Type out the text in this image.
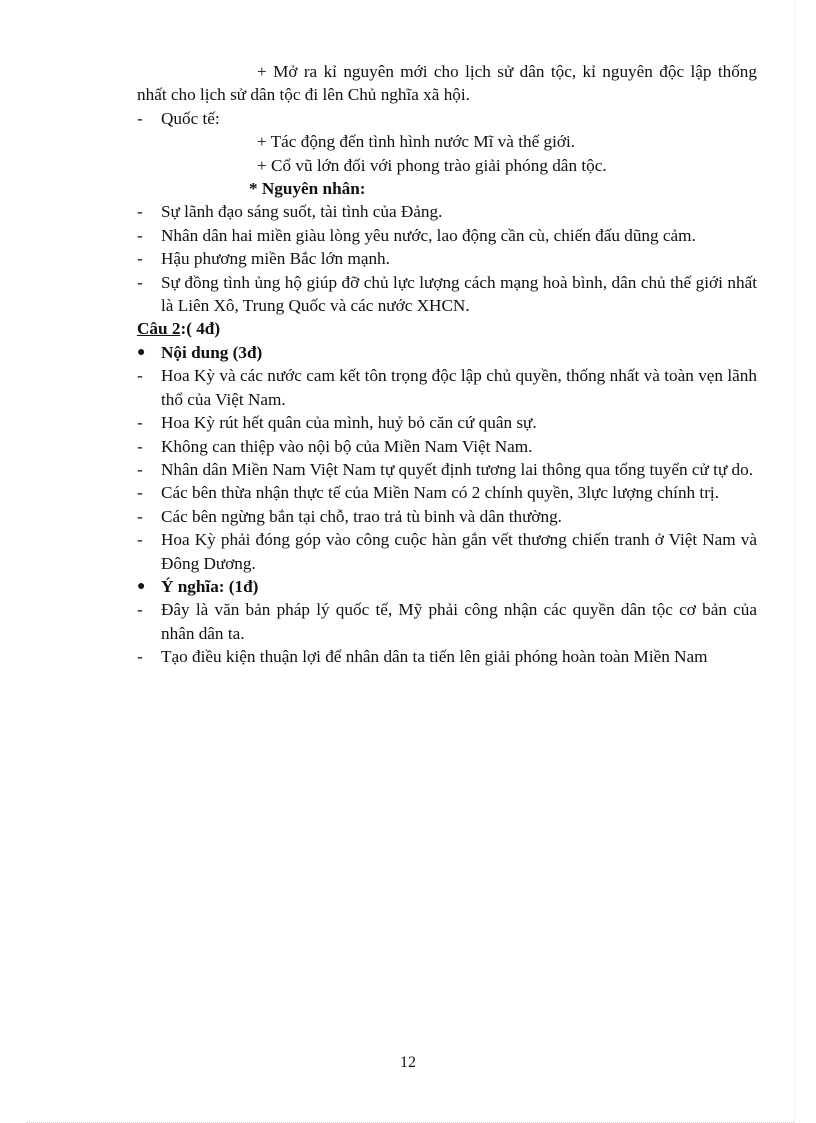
+ Mở ra kỉ nguyên mới cho lịch sử dân tộc, kỉ nguyên độc lập thống nhất cho lịch sử dân tộc đi lên Chủ nghĩa xã hội.

-	Quốc tế:

+ Tác động đến tình hình nước Mĩ và thế giới.

+ Cổ vũ lớn đối với phong trào giải phóng dân tộc.

* Nguyên nhân:

-	Sự lãnh đạo sáng suốt, tài tình của Đảng.
-	Nhân dân hai miền giàu lòng yêu nước, lao động cần cù, chiến đấu dũng cảm.
-	Hậu phương miền Bắc lớn mạnh.
-	Sự đồng tình ủng hộ giúp đỡ chủ lực lượng cách mạng hoà bình, dân chủ thế giới nhất là Liên Xô, Trung Quốc và các nước XHCN.

Câu 2:( 4đ)

● Nội dung (3đ)
-	Hoa Kỳ và các nước cam kết tôn trọng độc lập chủ quyền, thống nhất và toàn vẹn lãnh thổ của Việt Nam.
-	Hoa Kỳ rút hết quân của mình, huỷ bỏ căn cứ quân sự.
-	Không can thiệp vào nội bộ của Miền Nam Việt Nam.
-	Nhân dân Miền Nam Việt Nam tự quyết định tương lai thông qua tổng tuyển cử tự do.
-	Các bên thừa nhận thực tế của Miền Nam có 2 chính quyền, 3lực lượng chính trị.
-	Các bên ngừng bắn tại chỗ, trao trả tù binh và dân thường.
-	Hoa Kỳ phải đóng góp vào công cuộc hàn gắn vết thương chiến tranh ở Việt Nam và Đông Dương.
● Ý nghĩa: (1đ)
-	Đây là văn bản pháp lý quốc tế, Mỹ phải công nhận các quyền dân tộc cơ bản của nhân dân ta.
-	Tạo điều kiện thuận lợi để nhân dân ta tiến lên giải phóng hoàn toàn Miền Nam
12
